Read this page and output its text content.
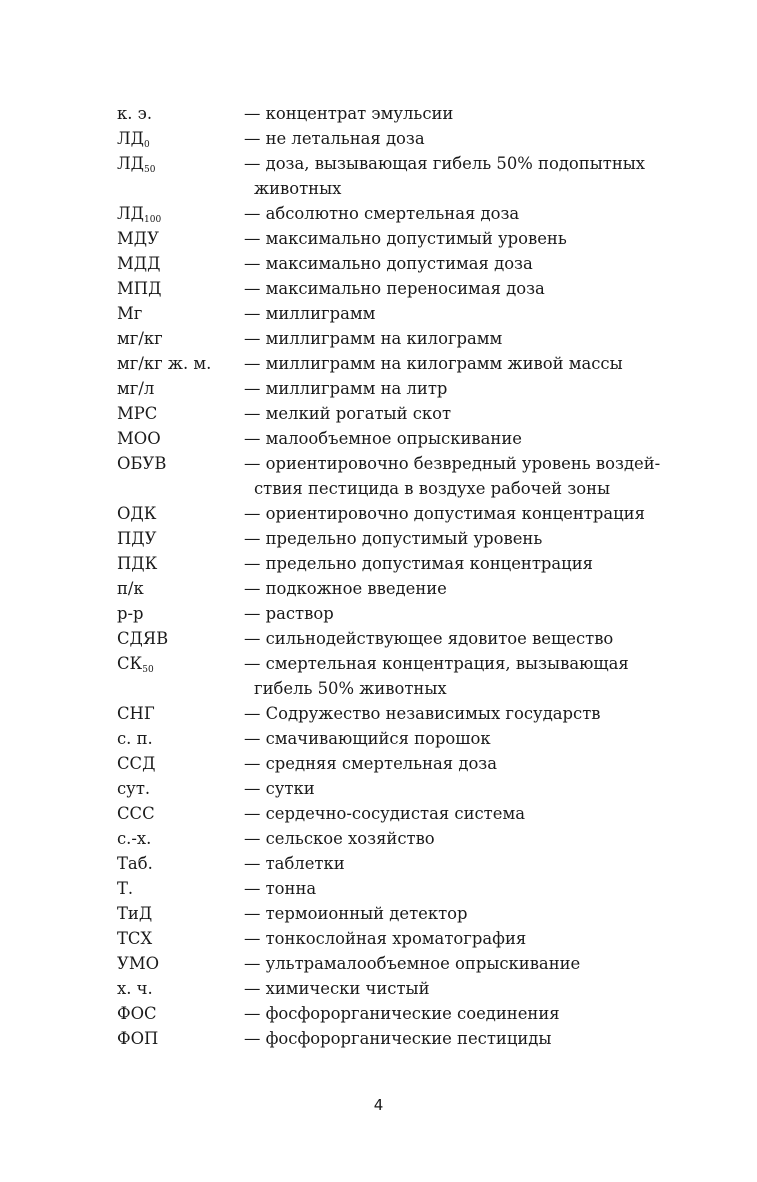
к. э.	— концентрат эмульсии
$ЛД_0$	— не летальная доза
$ЛД_{50}$	— доза, вызывающая гибель 50% подопытных
животных
$ЛД_{100}$	— абсолютно смертельная доза
МДУ	— максимально допустимый уровень
МДД	— максимально допустимая доза
МПД	— максимально переносимая доза
Мг	— миллиграмм
мг/кг	— миллиграмм на килограмм
мг/кг ж. м.	— миллиграмм на килограмм живой массы
мг/л	— миллиграмм на литр
МРС	— мелкий рогатый скот
МОО	— малообъемное опрыскивание
ОБУВ	— ориентировочно безвредный уровень воздей-
ствия пестицида в воздухе рабочей зоны
ОДК	— ориентировочно допустимая концентрация
ПДУ	— предельно допустимый уровень
ПДК	— предельно допустимая концентрация
п/к	— подкожное введение
р-р	— раствор
СДЯВ	— сильнодействующее ядовитое вещество
$СК_{50}$	— смертельная концентрация, вызывающая
гибель 50% животных
СНГ	— Содружество независимых государств
с. п.	— смачивающийся порошок
ССД	— средняя смертельная доза
сут.	— сутки
ССС	— сердечно-сосудистая система
с.-х.	— сельское хозяйство
Таб.	— таблетки
Т.	— тонна
ТиД	— термоионный детектор
ТСХ	— тонкослойная хроматография
УМО	— ультрамалообъемное опрыскивание
х. ч.	— химически чистый
ФОС	— фосфорорганические соединения
ФОП	— фосфорорганические пестициды
4
